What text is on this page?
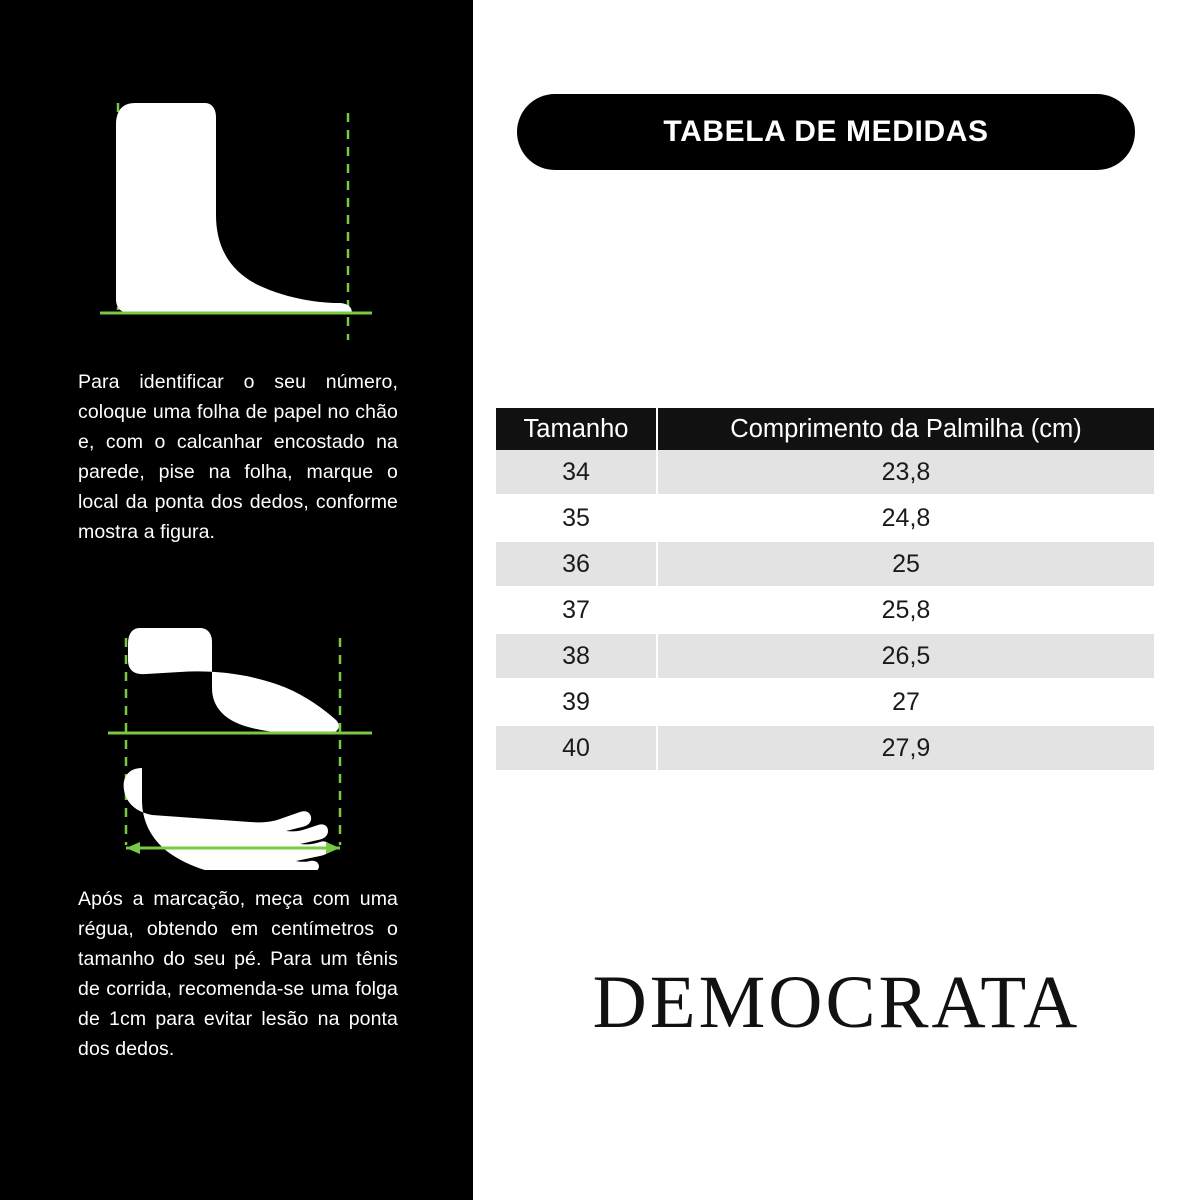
Para identificar o seu número, coloque uma folha de papel no chão e, com o calcanhar encostado na parede, pise na folha, marque o local da ponta dos dedos, conforme mostra a figura.
Após a marcação, meça com uma régua, obtendo em centímetros o tamanho do seu pé. Para um tênis de corrida, recomenda-se uma folga de 1cm para evitar lesão na ponta dos dedos.
TABELA DE MEDIDAS
Tamanho	Comprimento da Palmilha (cm)
34	23,8
35	24,8
36	25
37	25,8
38	26,5
39	27
40	27,9
DEMOCRATA
